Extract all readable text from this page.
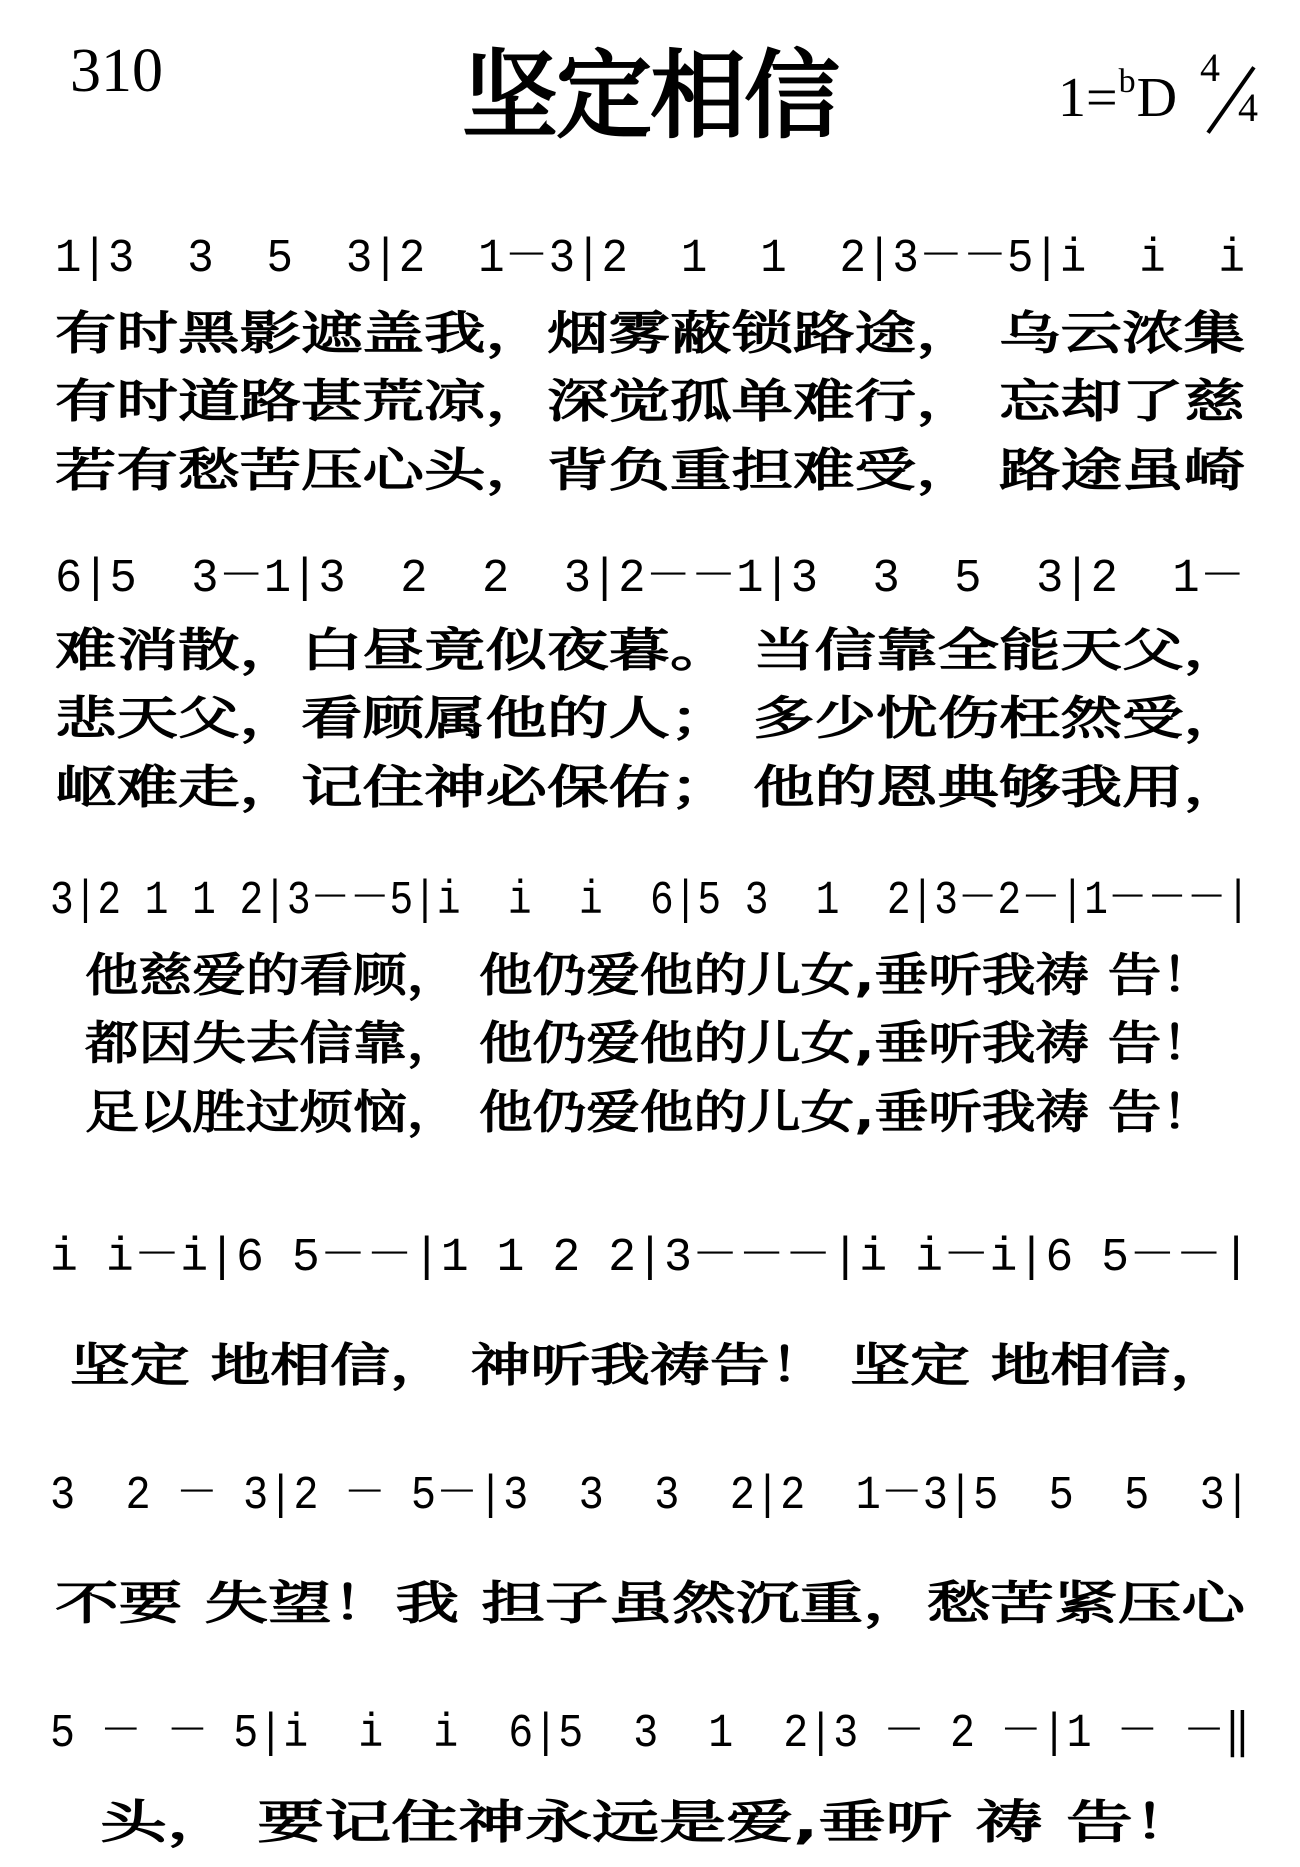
310	坚定相信	1=$^b$D 4
4
1|3  3  5  3|2  1－3|2  1  1  2|3－－5|i  i  i
有时黑影遮盖我，烟雾蔽锁路途， 乌云浓集
有时道路甚荒凉，深觉孤单难行， 忘却了慈
若有愁苦压心头，背负重担难受， 路途虽崎
6|5  3－1|3  2  2  3|2－－1|3  3  5  3|2  1－
难消散，白昼竟似夜暮。 当信靠全能天父，
悲天父，看顾属他的人； 多少忧伤枉然受，
岖难走，记住神必保佑； 他的恩典够我用，
3|2 1 1 2|3－－5|i  i  i  6|5 3  1  2|3－2－|1－－－|
他慈爱的看顾， 他仍爱他的儿女,垂听我祷 告！
都因失去信靠， 他仍爱他的儿女,垂听我祷 告！
足以胜过烦恼， 他仍爱他的儿女,垂听我祷 告！
i i－i|6 5－－|1 1 2 2|3－－－|i i－i|6 5－－|
坚定 地相信， 神听我祷告！ 坚定 地相信，
3  2 － 3|2 － 5－|3  3  3  2|2  1－3|5  5  5  3|
不要 失望！我 担子虽然沉重，愁苦紧压心
5 － － 5|i  i  i  6|5  3  1  2|3 － 2 －|1 － －‖
头， 要记住神永远是爱,垂听 祷 告！
